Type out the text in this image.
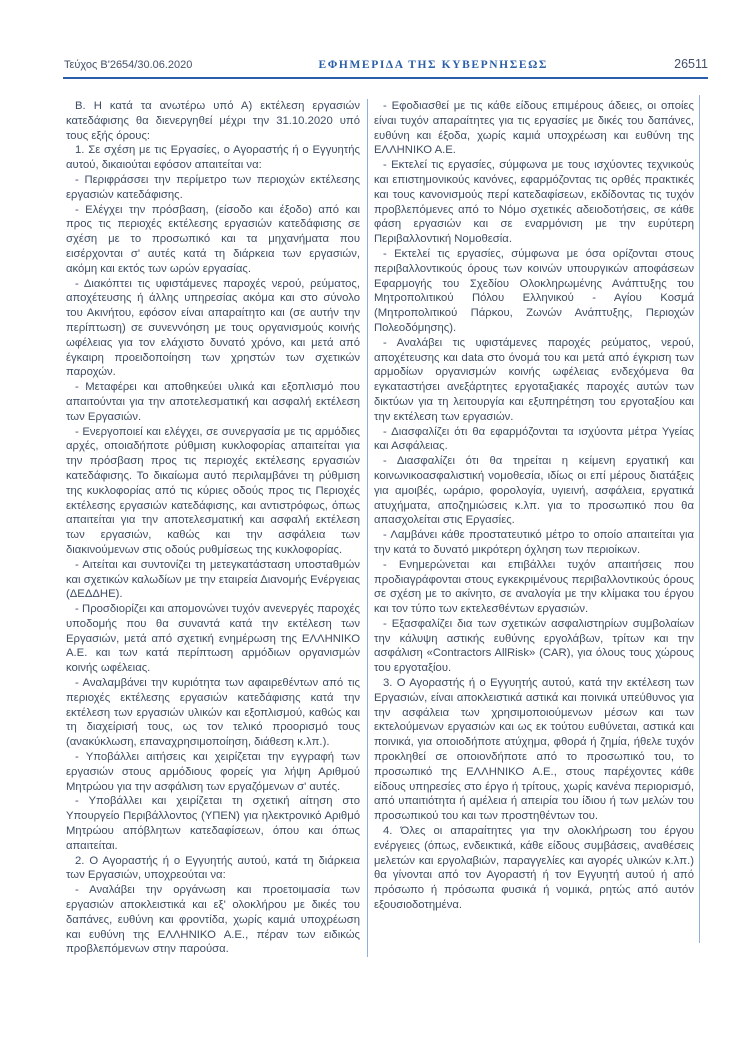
Τεύχος Β'2654/30.06.2020	ΕΦΗΜΕΡΙΔΑ ΤΗΣ ΚΥΒΕΡΝΗΣΕΩΣ	26511

Β. Η κατά τα ανωτέρω υπό Α) εκτέλεση εργασιών κατεδάφισης θα διενεργηθεί μέχρι την 31.10.2020 υπό τους εξής όρους:

1. Σε σχέση με τις Εργασίες, ο Αγοραστής ή ο Εγγυητής αυτού, δικαιούται εφόσον απαιτείται να:

- Περιφράσσει την περίμετρο των περιοχών εκτέλεσης εργασιών κατεδάφισης.

- Ελέγχει την πρόσβαση, (είσοδο και έξοδο) από και προς τις περιοχές εκτέλεσης εργασιών κατεδάφισης σε σχέση με το προσωπικό και τα μηχανήματα που εισέρχονται σ' αυτές κατά τη διάρκεια των εργασιών, ακόμη και εκτός των ωρών εργασίας.

- Διακόπτει τις υφιστάμενες παροχές νερού, ρεύματος, αποχέτευσης ή άλλης υπηρεσίας ακόμα και στο σύνολο του Ακινήτου, εφόσον είναι απαραίτητο και (σε αυτήν την περίπτωση) σε συνεννόηση με τους οργανισμούς κοινής ωφέλειας για τον ελάχιστο δυνατό χρόνο, και μετά από έγκαιρη προειδοποίηση των χρηστών των σχετικών παροχών.

- Μεταφέρει και αποθηκεύει υλικά και εξοπλισμό που απαιτούνται για την αποτελεσματική και ασφαλή εκτέλεση των Εργασιών.

- Ενεργοποιεί και ελέγχει, σε συνεργασία με τις αρμόδιες αρχές, οποιαδήποτε ρύθμιση κυκλοφορίας απαιτείται για την πρόσβαση προς τις περιοχές εκτέλεσης εργασιών κατεδάφισης. Το δικαίωμα αυτό περιλαμβάνει τη ρύθμιση της κυκλοφορίας από τις κύριες οδούς προς τις Περιοχές εκτέλεσης εργασιών κατεδάφισης, και αντιστρόφως, όπως απαιτείται για την αποτελεσματική και ασφαλή εκτέλεση των εργασιών, καθώς και την ασφάλεια των διακινούμενων στις οδούς ρυθμίσεως της κυκλοφορίας.

- Αιτείται και συντονίζει τη μετεγκατάσταση υποσταθμών και σχετικών καλωδίων με την εταιρεία Διανομής Ενέργειας (ΔΕΔΔΗΕ).

- Προσδιορίζει και απομονώνει τυχόν ανενεργές παροχές υποδομής που θα συναντά κατά την εκτέλεση των Εργασιών, μετά από σχετική ενημέρωση της ΕΛΛΗΝΙΚΟ Α.Ε. και των κατά περίπτωση αρμόδιων οργανισμών κοινής ωφέλειας.

- Αναλαμβάνει την κυριότητα των αφαιρεθέντων από τις περιοχές εκτέλεσης εργασιών κατεδάφισης κατά την εκτέλεση των εργασιών υλικών και εξοπλισμού, καθώς και τη διαχείρισή τους, ως τον τελικό προορισμό τους (ανακύκλωση, επαναχρησιμοποίηση, διάθεση κ.λπ.).

- Υποβάλλει αιτήσεις και χειρίζεται την εγγραφή των εργασιών στους αρμόδιους φορείς για λήψη Αριθμού Μητρώου για την ασφάλιση των εργαζόμενων σ' αυτές.

- Υποβάλλει και χειρίζεται τη σχετική αίτηση στο Υπουργείο Περιβάλλοντος (ΥΠΕΝ) για ηλεκτρονικό Αριθμό Μητρώου απόβλητων κατεδαφίσεων, όπου και όπως απαιτείται.

2. Ο Αγοραστής ή ο Εγγυητής αυτού, κατά τη διάρκεια των Εργασιών, υποχρεούται να:

- Αναλάβει την οργάνωση και προετοιμασία των εργασιών αποκλειστικά και εξ' ολοκλήρου με δικές του δαπάνες, ευθύνη και φροντίδα, χωρίς καμιά υποχρέωση και ευθύνη της ΕΛΛΗΝΙΚΟ Α.Ε., πέραν των ειδικώς προβλεπόμενων στην παρούσα.

- Εφοδιασθεί με τις κάθε είδους επιμέρους άδειες, οι οποίες είναι τυχόν απαραίτητες για τις εργασίες με δικές του δαπάνες, ευθύνη και έξοδα, χωρίς καμιά υποχρέωση και ευθύνη της ΕΛΛΗΝΙΚΟ Α.Ε.

- Εκτελεί τις εργασίες, σύμφωνα με τους ισχύοντες τεχνικούς και επιστημονικούς κανόνες, εφαρμόζοντας τις ορθές πρακτικές και τους κανονισμούς περί κατεδαφίσεων, εκδίδοντας τις τυχόν προβλεπόμενες από το Νόμο σχετικές αδειοδοτήσεις, σε κάθε φάση εργασιών και σε εναρμόνιση με την ευρύτερη Περιβαλλοντική Νομοθεσία.

- Εκτελεί τις εργασίες, σύμφωνα με όσα ορίζονται στους περιβαλλοντικούς όρους των κοινών υπουργικών αποφάσεων Εφαρμογής του Σχεδίου Ολοκληρωμένης Ανάπτυξης του Μητροπολιτικού Πόλου Ελληνικού - Αγίου Κοσμά (Μητροπολιτικού Πάρκου, Ζωνών Ανάπτυξης, Περιοχών Πολεοδόμησης).

- Αναλάβει τις υφιστάμενες παροχές ρεύματος, νερού, αποχέτευσης και data στο όνομά του και μετά από έγκριση των αρμοδίων οργανισμών κοινής ωφέλειας ενδεχόμενα θα εγκαταστήσει ανεξάρτητες εργοταξιακές παροχές αυτών των δικτύων για τη λειτουργία και εξυπηρέτηση του εργοταξίου και την εκτέλεση των εργασιών.

- Διασφαλίζει ότι θα εφαρμόζονται τα ισχύοντα μέτρα Υγείας και Ασφάλειας.

- Διασφαλίζει ότι θα τηρείται η κείμενη εργατική και κοινωνικοασφαλιστική νομοθεσία, ιδίως οι επί μέρους διατάξεις για αμοιβές, ωράριο, φορολογία, υγιεινή, ασφάλεια, εργατικά ατυχήματα, αποζημιώσεις κ.λπ. για το προσωπικό που θα απασχολείται στις Εργασίες.

- Λαμβάνει κάθε προστατευτικό μέτρο το οποίο απαιτείται για την κατά το δυνατό μικρότερη όχληση των περιοίκων.

- Ενημερώνεται και επιβάλλει τυχόν απαιτήσεις που προδιαγράφονται στους εγκεκριμένους περιβαλλοντικούς όρους σε σχέση με το ακίνητο, σε αναλογία με την κλίμακα του έργου και τον τύπο των εκτελεσθέντων εργασιών.

- Εξασφαλίζει δια των σχετικών ασφαλιστηρίων συμβολαίων την κάλυψη αστικής ευθύνης εργολάβων, τρίτων και την ασφάλιση «Contractors AllRisk» (CAR), για όλους τους χώρους του εργοταξίου.

3. Ο Αγοραστής ή ο Εγγυητής αυτού, κατά την εκτέλεση των Εργασιών, είναι αποκλειστικά αστικά και ποινικά υπεύθυνος για την ασφάλεια των χρησιμοποιούμενων μέσων και των εκτελούμενων εργασιών και ως εκ τούτου ευθύνεται, αστικά και ποινικά, για οποιοδήποτε ατύχημα, φθορά ή ζημία, ήθελε τυχόν προκληθεί σε οποιονδήποτε από το προσωπικό του, το προσωπικό της ΕΛΛΗΝΙΚΟ Α.Ε., στους παρέχοντες κάθε είδους υπηρεσίες στο έργο ή τρίτους, χωρίς κανένα περιορισμό, από υπαιτιότητα ή αμέλεια ή απειρία του ίδιου ή των μελών του προσωπικού του και των προστηθέντων του.

4. Όλες οι απαραίτητες για την ολοκλήρωση του έργου ενέργειες (όπως, ενδεικτικά, κάθε είδους συμβάσεις, αναθέσεις μελετών και εργολαβιών, παραγγελίες και αγορές υλικών κ.λπ.) θα γίνονται από τον Αγοραστή ή τον Εγγυητή αυτού ή από πρόσωπο ή πρόσωπα φυσικά ή νομικά, ρητώς από αυτόν εξουσιοδοτημένα.
